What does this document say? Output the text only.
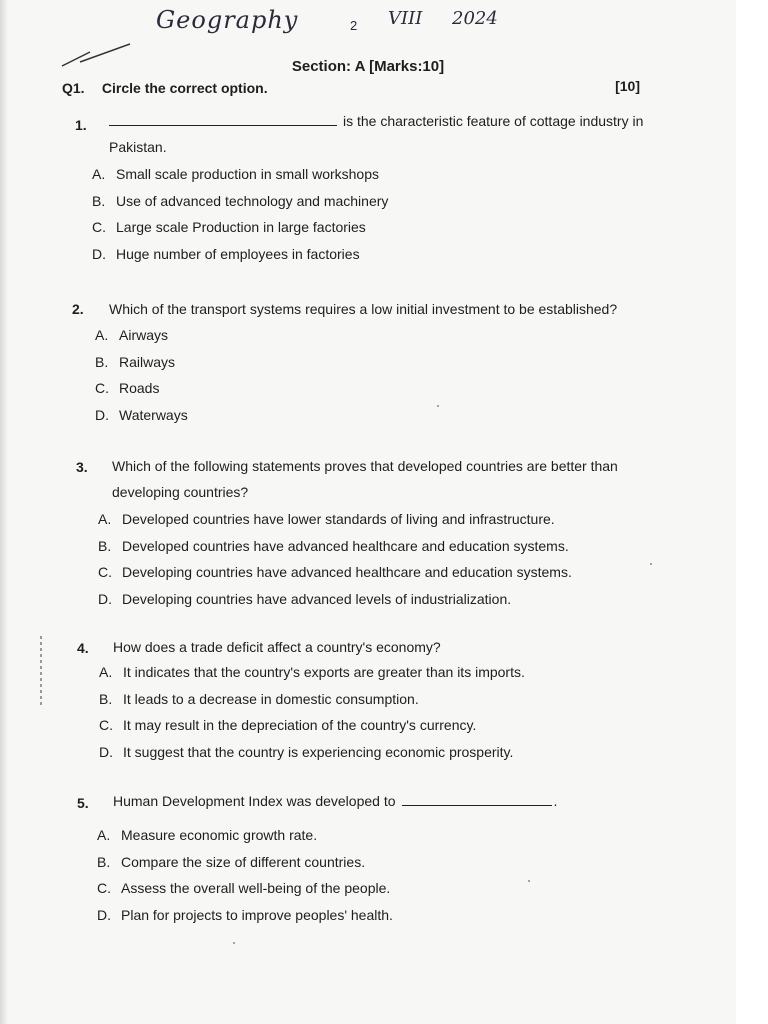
Geography	2 VIII 2024
Section: A [Marks:10]
Q1. Circle the correct option.	[10]
1.	is the characteristic feature of cottage industry in Pakistan.
A. Small scale production in small workshops
B. Use of advanced technology and machinery
C. Large scale Production in large factories
D. Huge number of employees in factories
2. Which of the transport systems requires a low initial investment to be established?
A. Airways
B. Railways
C. Roads
D. Waterways
3. Which of the following statements proves that developed countries are better than developing countries?
A. Developed countries have lower standards of living and infrastructure.
B. Developed countries have advanced healthcare and education systems.
C. Developing countries have advanced healthcare and education systems.
D. Developing countries have advanced levels of industrialization.
4. How does a trade deficit affect a country's economy?
A. It indicates that the country's exports are greater than its imports.
B. It leads to a decrease in domestic consumption.
C. It may result in the depreciation of the country's currency.
D. It suggest that the country is experiencing economic prosperity.
5. Human Development Index was developed to	.
A. Measure economic growth rate.
B. Compare the size of different countries.
C. Assess the overall well-being of the people.
D. Plan for projects to improve peoples' health.
